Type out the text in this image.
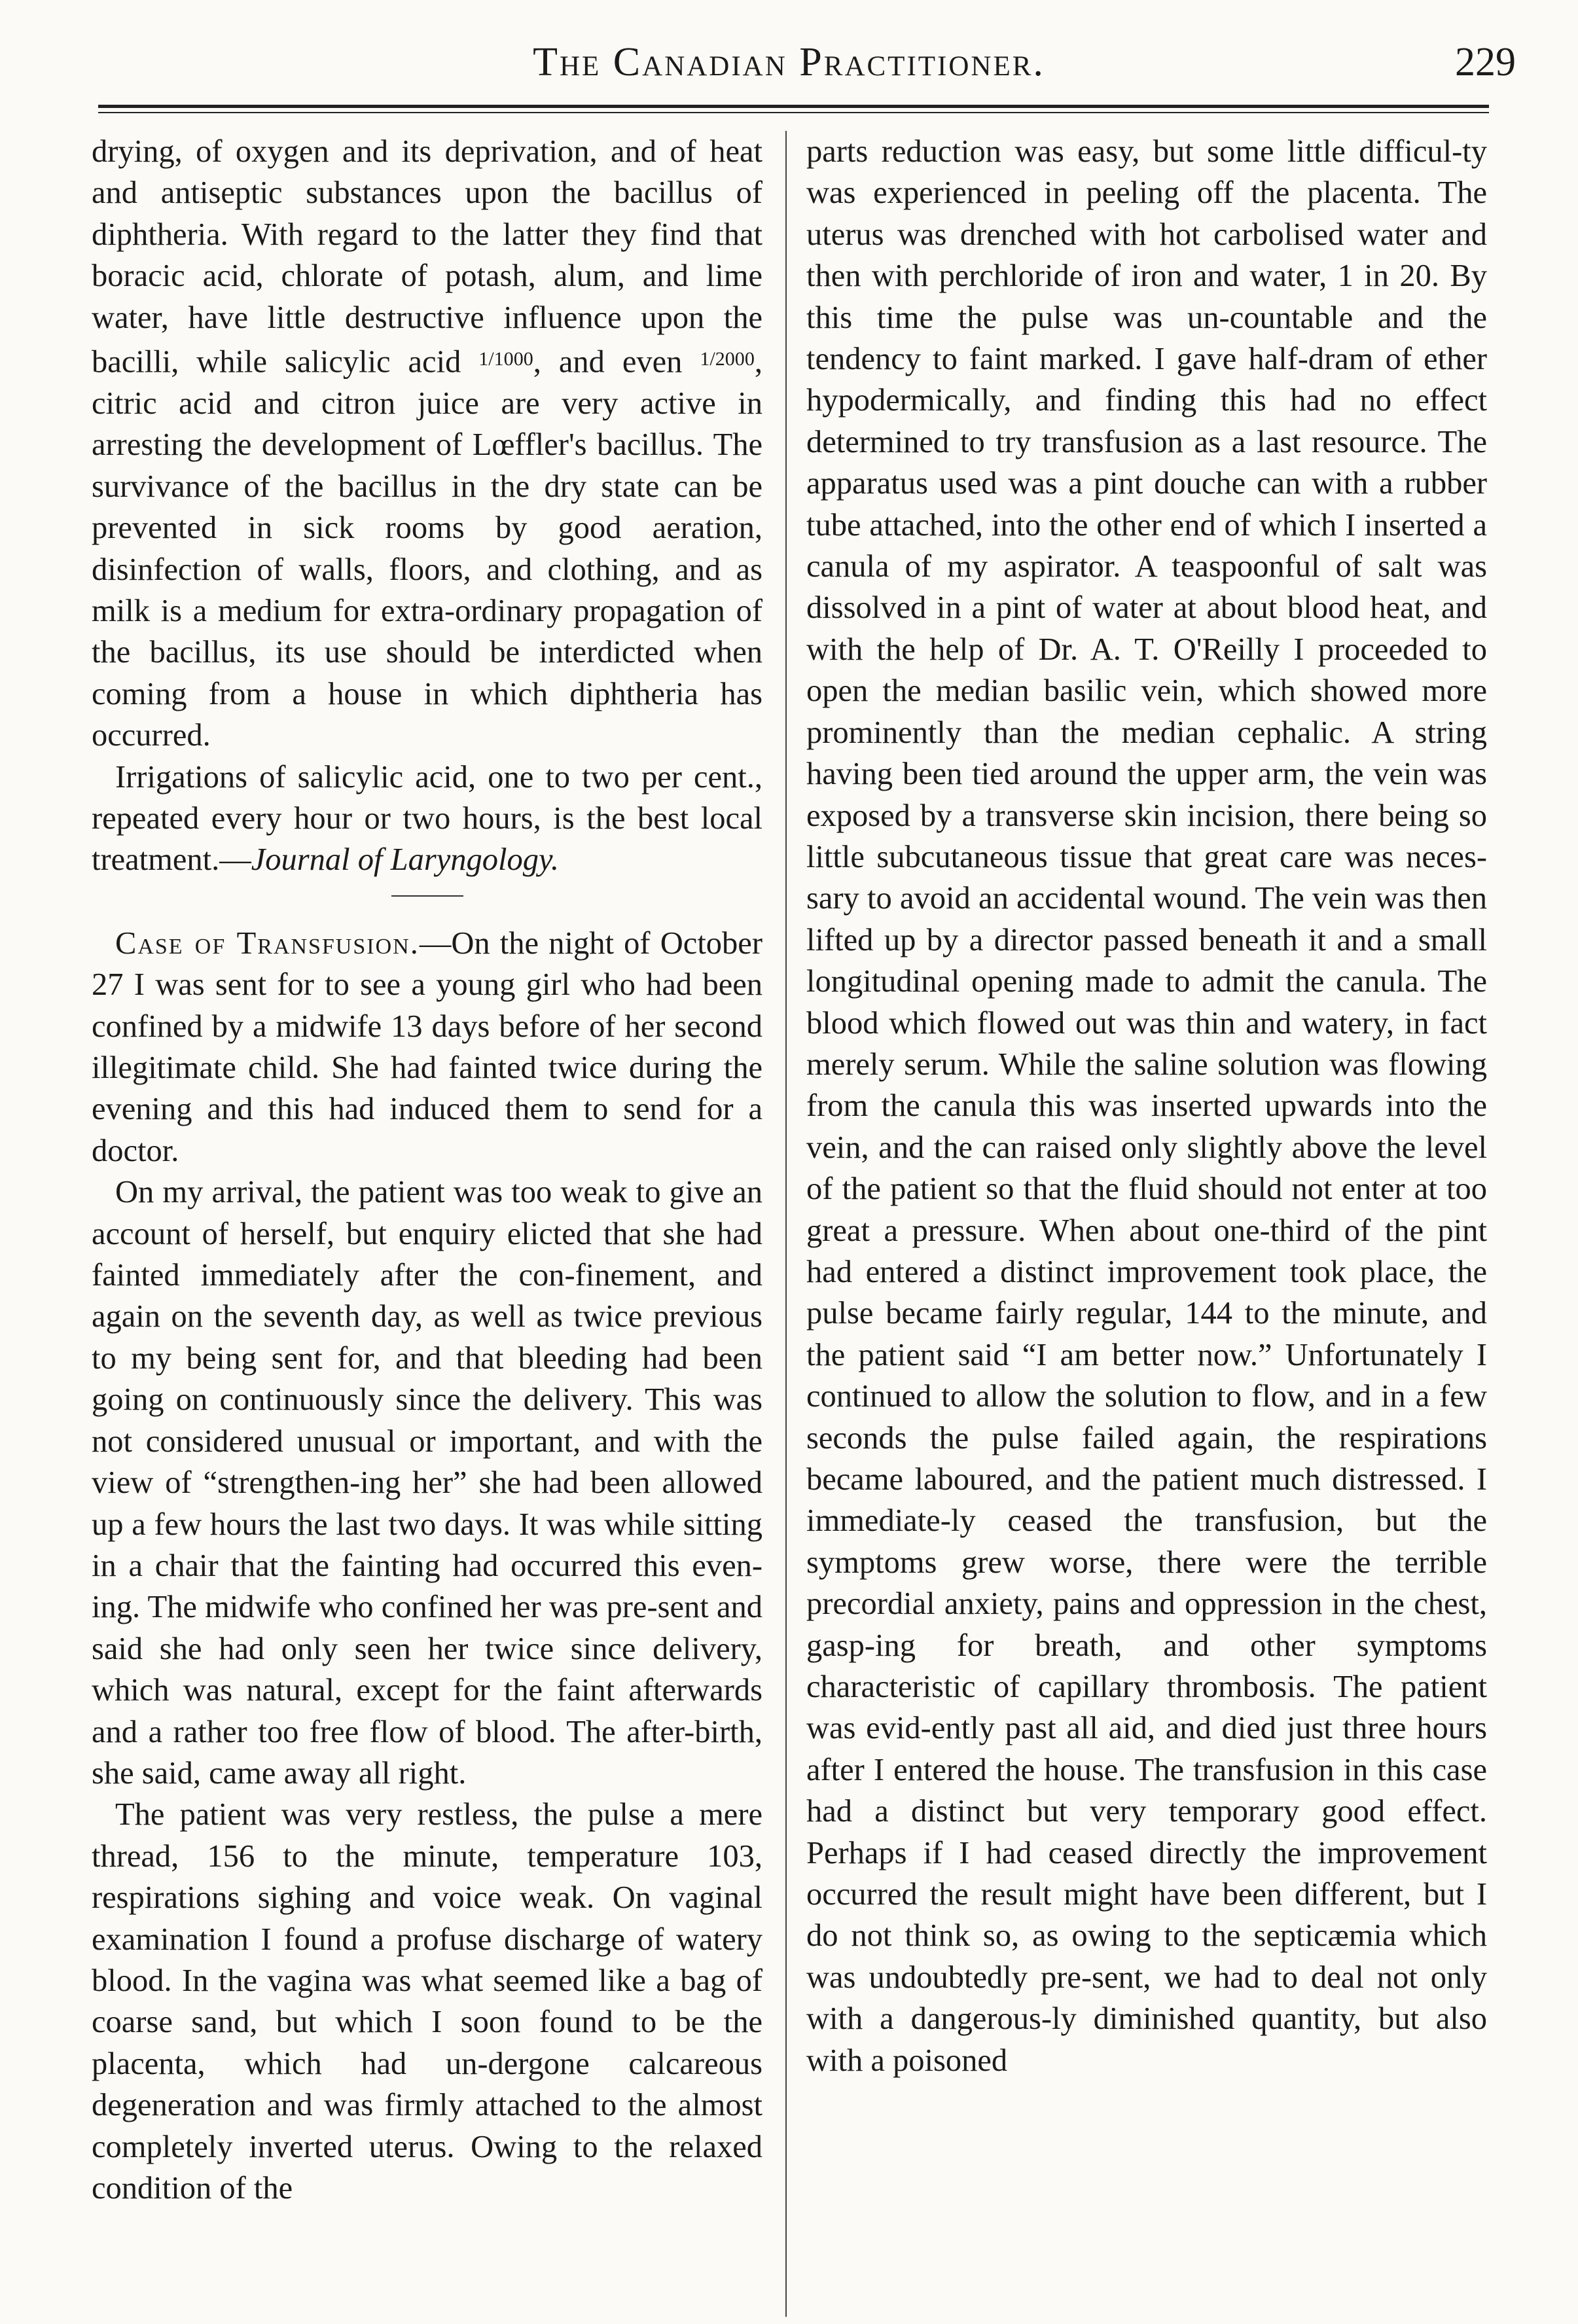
The Canadian Practitioner.	229

drying, of oxygen and its deprivation, and of heat and antiseptic substances upon the bacillus of diphtheria. With regard to the latter they find that boracic acid, chlorate of potash, alum, and lime water, have little destructive influence upon the bacilli, while salicylic acid $^{1/1000}$, and even $^{1/2000}$, citric acid and citron juice are very active in arresting the development of Lœffler's bacillus. The survivance of the bacillus in the dry state can be prevented in sick rooms by good aeration, disinfection of walls, floors, and clothing, and as milk is a medium for extra-ordinary propagation of the bacillus, its use should be interdicted when coming from a house in which diphtheria has occurred.

Irrigations of salicylic acid, one to two per cent., repeated every hour or two hours, is the best local treatment.—Journal of Laryngology.

Case of Transfusion.—On the night of October 27 I was sent for to see a young girl who had been confined by a midwife 13 days before of her second illegitimate child. She had fainted twice during the evening and this had induced them to send for a doctor.

On my arrival, the patient was too weak to give an account of herself, but enquiry elicted that she had fainted immediately after the con-finement, and again on the seventh day, as well as twice previous to my being sent for, and that bleeding had been going on continuously since the delivery. This was not considered unusual or important, and with the view of “strengthen-ing her” she had been allowed up a few hours the last two days. It was while sitting in a chair that the fainting had occurred this even-ing. The midwife who confined her was pre-sent and said she had only seen her twice since delivery, which was natural, except for the faint afterwards and a rather too free flow of blood. The after-birth, she said, came away all right.

The patient was very restless, the pulse a mere thread, 156 to the minute, temperature 103, respirations sighing and voice weak. On vaginal examination I found a profuse discharge of watery blood. In the vagina was what seemed like a bag of coarse sand, but which I soon found to be the placenta, which had un-dergone calcareous degeneration and was firmly attached to the almost completely inverted uterus. Owing to the relaxed condition of the

parts reduction was easy, but some little difficul-ty was experienced in peeling off the placenta. The uterus was drenched with hot carbolised water and then with perchloride of iron and water, 1 in 20. By this time the pulse was un-countable and the tendency to faint marked. I gave half-dram of ether hypodermically, and finding this had no effect determined to try transfusion as a last resource. The apparatus used was a pint douche can with a rubber tube attached, into the other end of which I inserted a canula of my aspirator. A teaspoonful of salt was dissolved in a pint of water at about blood heat, and with the help of Dr. A. T. O'Reilly I proceeded to open the median basilic vein, which showed more prominently than the median cephalic. A string having been tied around the upper arm, the vein was exposed by a transverse skin incision, there being so little subcutaneous tissue that great care was neces-sary to avoid an accidental wound. The vein was then lifted up by a director passed beneath it and a small longitudinal opening made to admit the canula. The blood which flowed out was thin and watery, in fact merely serum. While the saline solution was flowing from the canula this was inserted upwards into the vein, and the can raised only slightly above the level of the patient so that the fluid should not enter at too great a pressure. When about one-third of the pint had entered a distinct improvement took place, the pulse became fairly regular, 144 to the minute, and the patient said “I am better now.” Unfortunately I continued to allow the solution to flow, and in a few seconds the pulse failed again, the respirations became laboured, and the patient much distressed. I immediate-ly ceased the transfusion, but the symptoms grew worse, there were the terrible precordial anxiety, pains and oppression in the chest, gasp-ing for breath, and other symptoms characteristic of capillary thrombosis. The patient was evid-ently past all aid, and died just three hours after I entered the house. The transfusion in this case had a distinct but very temporary good effect. Perhaps if I had ceased directly the improvement occurred the result might have been different, but I do not think so, as owing to the septicæmia which was undoubtedly pre-sent, we had to deal not only with a dangerous-ly diminished quantity, but also with a poisoned
